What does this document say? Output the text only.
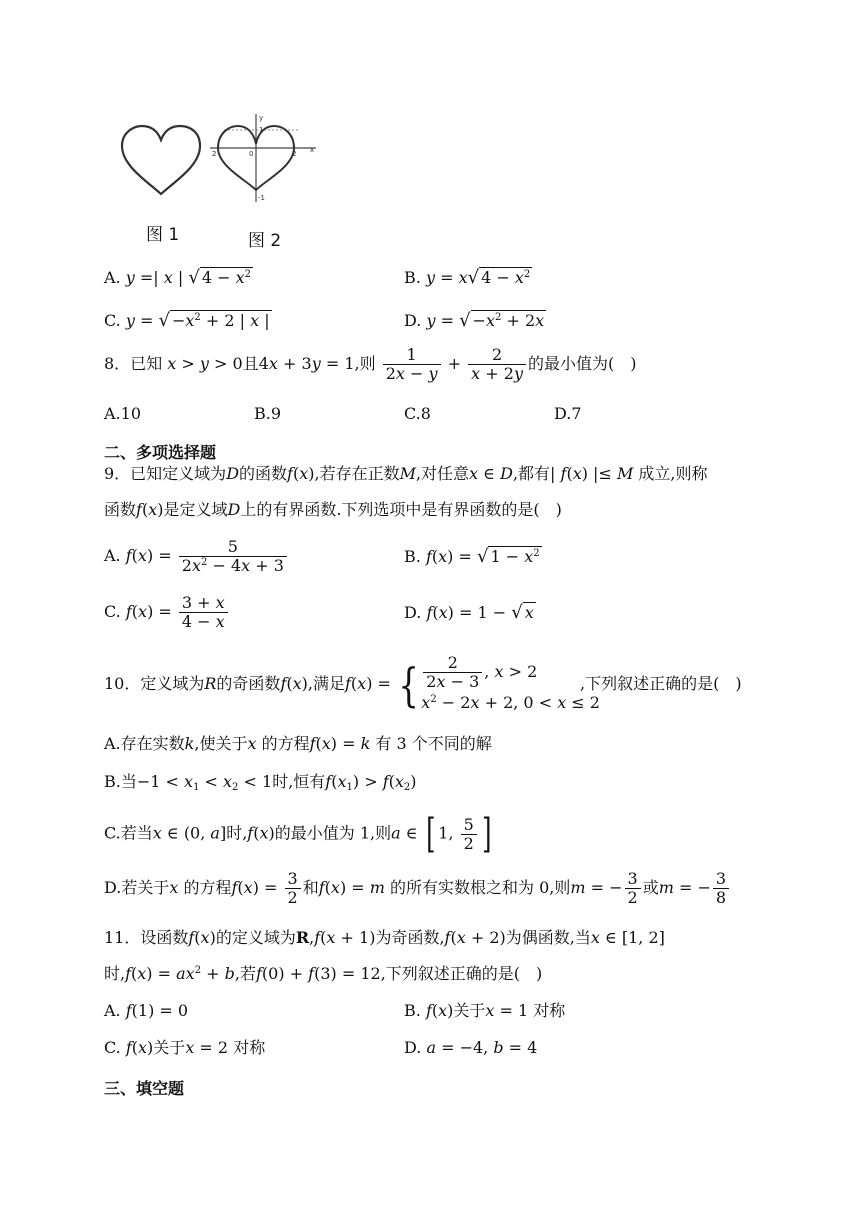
图 1
y
2	0
1
2 x
-1
图 2
A. y =| x | √ $4 - x^2$	B. y = x√ $4 - x^2$
C. y = √ $-x^2 + 2$ | x |	D. y = √ $-x^2 + 2x$
8．已知 x > y > 0且4x + 3y = 1,则 $\frac{1}{2x - y} + \frac{2}{x + 2y}$ 的最小值为(　)
A.10	B.9	C.8	D.7
二、多项选择题
9．已知定义域为D的函数f(x),若存在正数M,对任意x ∈ D,都有| f(x) |≤ M 成立,则称
函数f(x)是定义域D上的有界函数.下列选项中是有界函数的是(　)
A. $f(x) = \frac{5}{2x^2 - 4x + 3}$	B. f(x) = √ $1 - x^2$
C. $f(x) = \frac{3 + x}{4 - x}$	D. f(x) = 1 − √ x
10．定义域为R的奇函数f(x),满足f(x) = { $\frac{2}{2x - 3}$ , x > 2
$x^2 - 2x + 2$, 0 < x ≤ 2
,下列叙述正确的是(　)
A.存在实数k,使关于x 的方程f(x) = k 有 3 个不同的解
B.当$-1 < x_1 < x_2 < 1$时,恒有$f(x_1) > f(x_2)$
C.若当x ∈ (0, a]时,f(x)的最小值为 1,则a ∈ [ 1, $\frac{5}{2}$ ]
D.若关于x 的方程$f(x) = \frac{3}{2}$ 和f(x) = m 的所有实数根之和为 0,则m = − $\frac{3}{2}$ 或m = − $\frac{3}{8}$
11．设函数f(x)的定义域为R,f(x + 1)为奇函数,f(x + 2)为偶函数,当x ∈ [1, 2]
时$,f(x) = ax^2 + b$,若f(0) + f(3) = 12,下列叙述正确的是(　)
A. f(1) = 0	B. f(x)关于x = 1 对称
C. f(x)关于x = 2 对称	D. a = −4, b = 4
三、填空题
